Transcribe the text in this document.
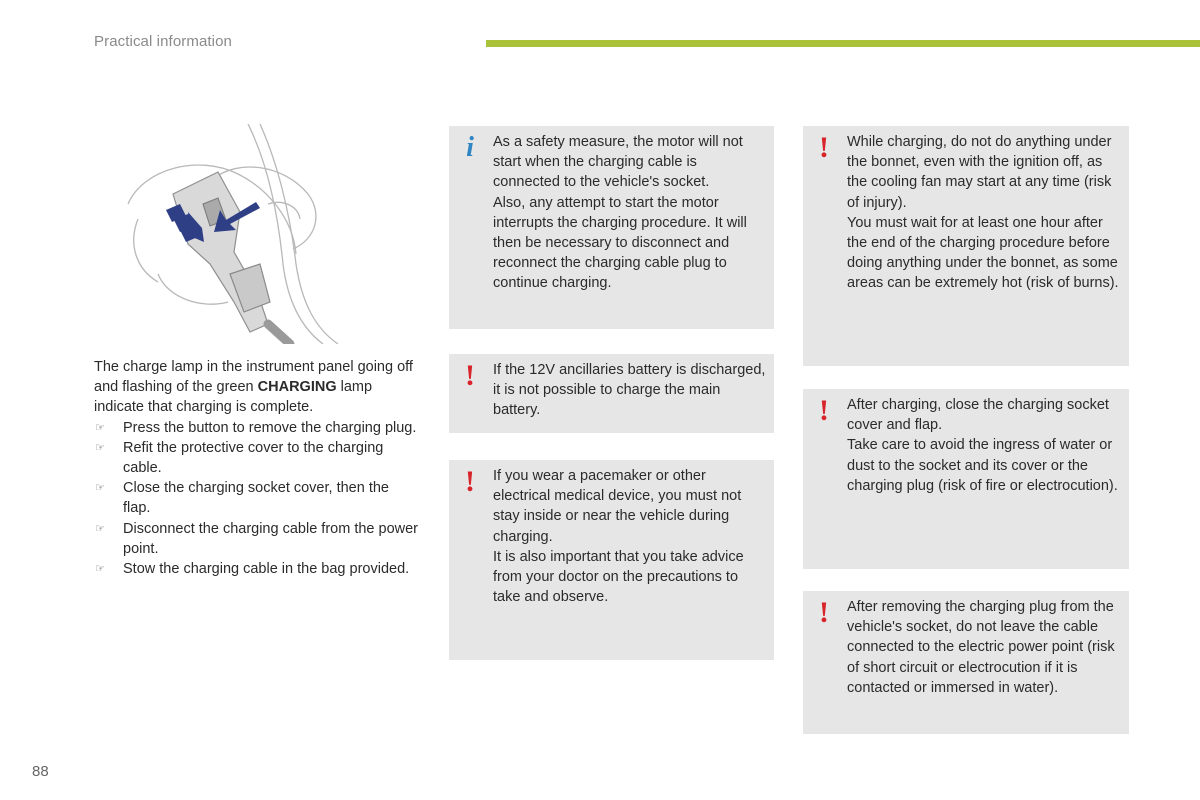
Practical information

The charge lamp in the instrument panel going off and flashing of the green CHARGING lamp indicate that charging is complete.

☞ Press the button to remove the charging plug.
☞ Refit the protective cover to the charging cable.
☞ Close the charging socket cover, then the flap.
☞ Disconnect the charging cable from the power point.
☞ Stow the charging cable in the bag provided.
i As a safety measure, the motor will not start when the charging cable is connected to the vehicle's socket.

Also, any attempt to start the motor interrupts the charging procedure. It will then be necessary to disconnect and reconnect the charging cable plug to continue charging.

! If the 12V ancillaries battery is discharged, it is not possible to charge the main battery.

! If you wear a pacemaker or other electrical medical device, you must not stay inside or near the vehicle during charging.

It is also important that you take advice from your doctor on the precautions to take and observe.

! While charging, do not do anything under the bonnet, even with the ignition off, as the cooling fan may start at any time (risk of injury).

You must wait for at least one hour after the end of the charging procedure before doing anything under the bonnet, as some areas can be extremely hot (risk of burns).

! After charging, close the charging socket cover and flap.

Take care to avoid the ingress of water or dust to the socket and its cover or the charging plug (risk of fire or electrocution).

! After removing the charging plug from the vehicle's socket, do not leave the cable connected to the electric power point (risk of short circuit or electrocution if it is contacted or immersed in water).

88
